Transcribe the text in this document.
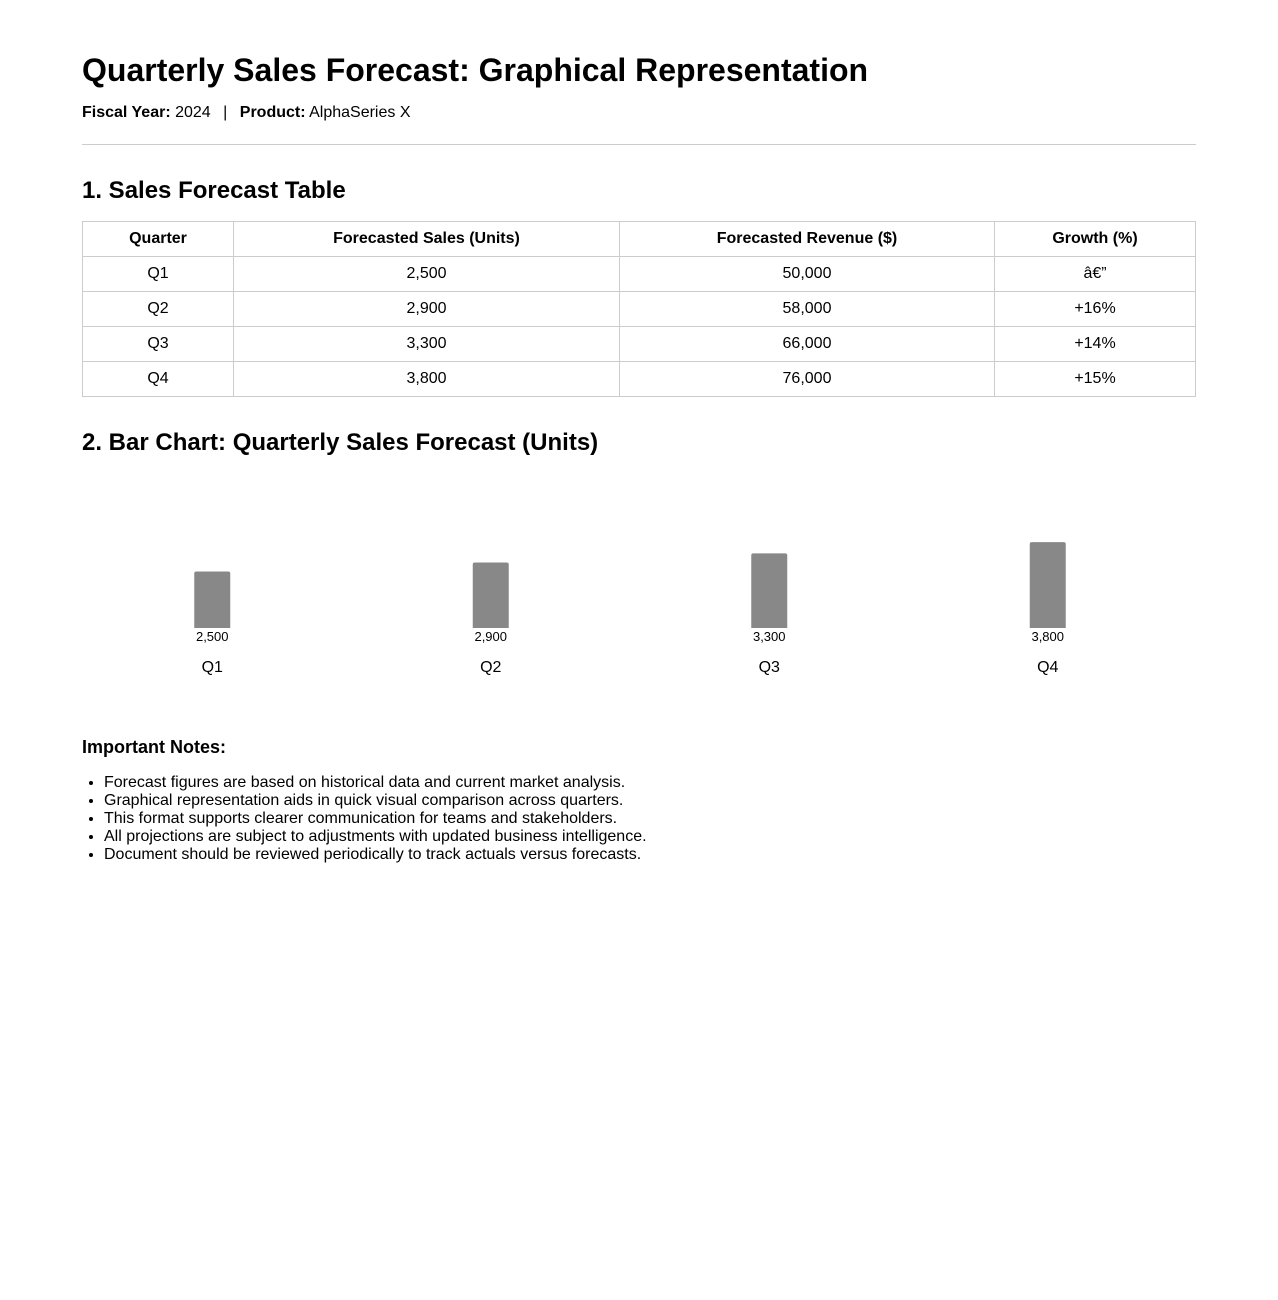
Quarterly Sales Forecast: Graphical Representation
Fiscal Year: 2024 | Product: AlphaSeries X
1. Sales Forecast Table
Quarter	Forecasted Sales (Units)	Forecasted Revenue ($)	Growth (%)
Q1	2,500	50,000	â€”
Q2	2,900	58,000	+16%
Q3	3,300	66,000	+14%
Q4	3,800	76,000	+15%
2. Bar Chart: Quarterly Sales Forecast (Units)
2,500
Q1
2,900
Q2
3,300
Q3
3,800
Q4
Important Notes:
• Forecast figures are based on historical data and current market analysis.
• Graphical representation aids in quick visual comparison across quarters.
• This format supports clearer communication for teams and stakeholders.
• All projections are subject to adjustments with updated business intelligence.
• Document should be reviewed periodically to track actuals versus forecasts.
